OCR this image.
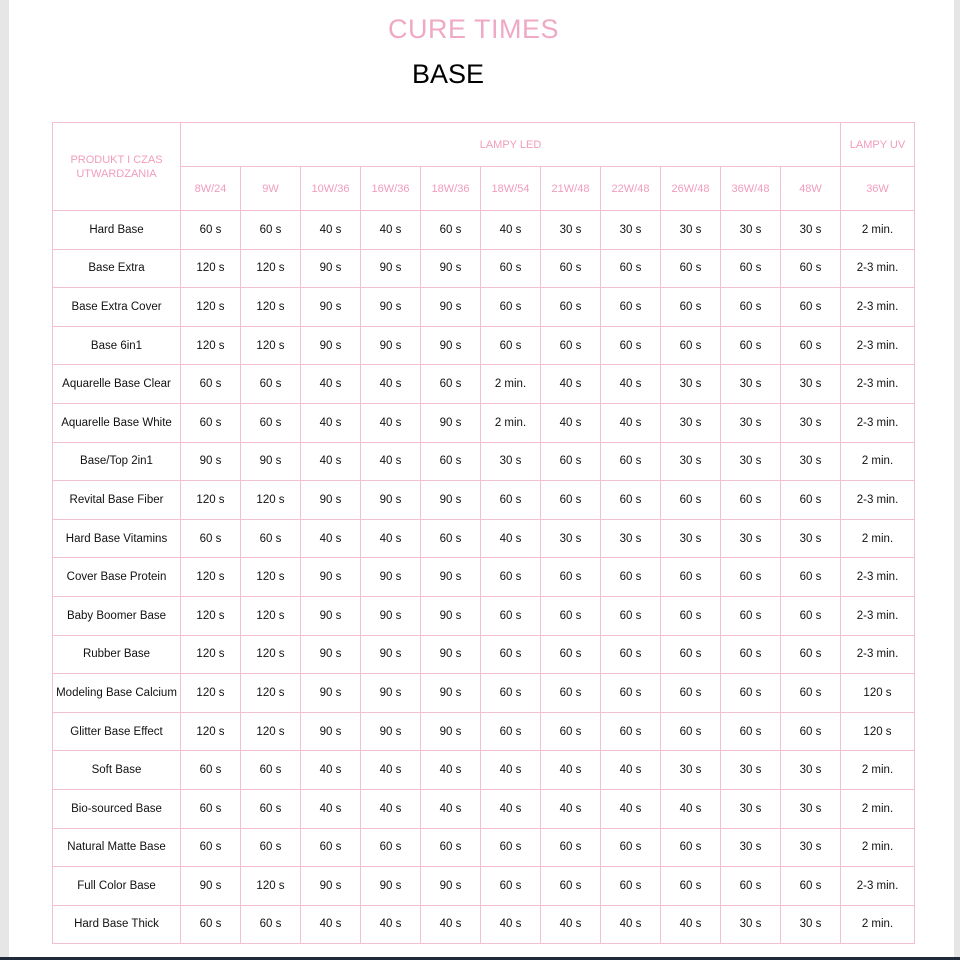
CURE TIMES
BASE
PRODUKT I CZAS UTWARDZANIA	LAMPY LED											LAMPY UV
	8W/24	9W	10W/36	16W/36	18W/36	18W/54	21W/48	22W/48	26W/48	36W/48	48W	36W
Hard Base	60 s	60 s	40 s	40 s	60 s	40 s	30 s	30 s	30 s	30 s	30 s	2 min.
Base Extra	120 s	120 s	90 s	90 s	90 s	60 s	60 s	60 s	60 s	60 s	60 s	2-3 min.
Base Extra Cover	120 s	120 s	90 s	90 s	90 s	60 s	60 s	60 s	60 s	60 s	60 s	2-3 min.
Base 6in1	120 s	120 s	90 s	90 s	90 s	60 s	60 s	60 s	60 s	60 s	60 s	2-3 min.
Aquarelle Base Clear	60 s	60 s	40 s	40 s	60 s	2 min.	40 s	40 s	30 s	30 s	30 s	2-3 min.
Aquarelle Base White	60 s	60 s	40 s	40 s	90 s	2 min.	40 s	40 s	30 s	30 s	30 s	2-3 min.
Base/Top 2in1	90 s	90 s	40 s	40 s	60 s	30 s	60 s	60 s	30 s	30 s	30 s	2 min.
Revital Base Fiber	120 s	120 s	90 s	90 s	90 s	60 s	60 s	60 s	60 s	60 s	60 s	2-3 min.
Hard Base Vitamins	60 s	60 s	40 s	40 s	60 s	40 s	30 s	30 s	30 s	30 s	30 s	2 min.
Cover Base Protein	120 s	120 s	90 s	90 s	90 s	60 s	60 s	60 s	60 s	60 s	60 s	2-3 min.
Baby Boomer Base	120 s	120 s	90 s	90 s	90 s	60 s	60 s	60 s	60 s	60 s	60 s	2-3 min.
Rubber Base	120 s	120 s	90 s	90 s	90 s	60 s	60 s	60 s	60 s	60 s	60 s	2-3 min.
Modeling Base Calcium	120 s	120 s	90 s	90 s	90 s	60 s	60 s	60 s	60 s	60 s	60 s	120 s
Glitter Base Effect	120 s	120 s	90 s	90 s	90 s	60 s	60 s	60 s	60 s	60 s	60 s	120 s
Soft Base	60 s	60 s	40 s	40 s	40 s	40 s	40 s	40 s	30 s	30 s	30 s	2 min.
Bio-sourced Base	60 s	60 s	40 s	40 s	40 s	40 s	40 s	40 s	40 s	30 s	30 s	2 min.
Natural Matte Base	60 s	60 s	60 s	60 s	60 s	60 s	60 s	60 s	60 s	30 s	30 s	2 min.
Full Color Base	90 s	120 s	90 s	90 s	90 s	60 s	60 s	60 s	60 s	60 s	60 s	2-3 min.
Hard Base Thick	60 s	60 s	40 s	40 s	40 s	40 s	40 s	40 s	40 s	30 s	30 s	2 min.
